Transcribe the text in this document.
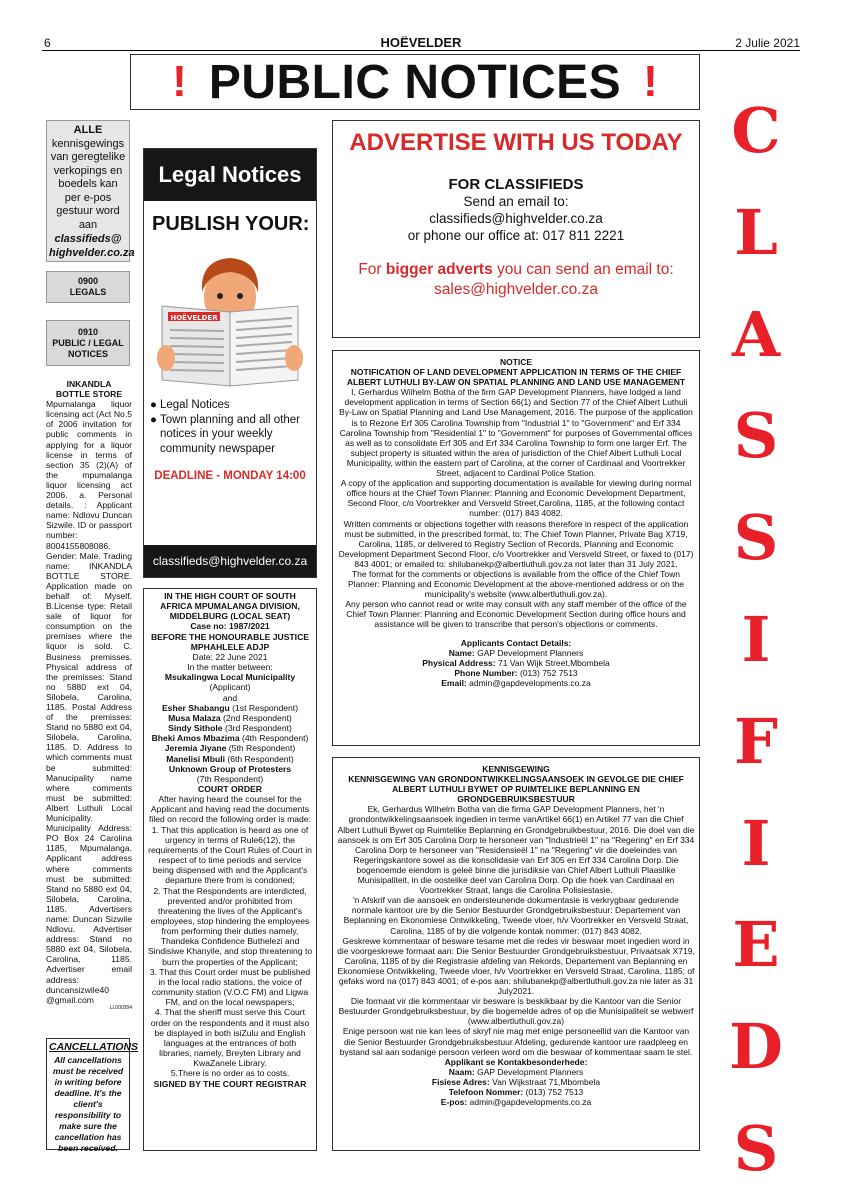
6	HOËVELDER	2 Julie 2021
! PUBLIC NOTICES !
C
L
A
S
S
I
F
I
E
D
S
ALLE
kennisgewings van geregtelike verkopings en boedels kan per e-pos gestuur word aan
classifieds@
highvelder.co.za
0900
LEGALS
0910
PUBLIC / LEGAL NOTICES
INKANDLA
BOTTLE STORE
Mpumalanga liquor licensing act (Act No.5 of 2006 invitation for public comments in applying for a liquor license in terms of section 35 (2)(A) of the mpumalanga liquor licensing act 2006. a. Personal details. : Applicant name: Ndlovu Duncan Sizwile. ID or passport number: 8004155808086. Gender: Male. Trading name: INKANDLA BOTTLE STORE. Application made on behalf of: Myself. B.License type: Retail sale of liquor for consumption on the premises where the liquor is sold. C. Business premisses. Physical address of the premisses: Stand no 5880 ext 04, Silobela, Carolina, 1185. Postal Address of the premisses: Stand no 5880 ext 04, Silobela, Carolina, 1185. D. Address to which comments must be submitted: Manucipality name where comments must be submitted: Albert Luthuli Local Municipality. Municipality Address: PO Box 24 Carolina 1185, Mpumalanga. Applicant address where comments must be submitted: Stand no 5880 ext 04, Silobela, Carolina, 1185. Advertisers name: Duncan Sizwile Ndlovu. Advertiser address: Stand no 5880 ext 04, Silobela, Carolina, 1185. Advertiser email address: duncansizwile40 @gmail.com
LL000284
CANCELLATIONS
All cancellations must be received in writing before deadline. It's the client's responsibility to make sure the cancellation has been received.
Legal Notices
PUBLISH YOUR:
HOËVELDER
● Legal Notices
● Town planning and all other notices in your weekly community newspaper
DEADLINE - MONDAY 14:00
classifieds@highvelder.co.za
IN THE HIGH COURT OF SOUTH AFRICA MPUMALANGA DIVISION, MIDDELBURG (LOCAL SEAT)
Case no: 1987/2021
BEFORE THE HONOURABLE JUSTICE MPHAHLELE ADJP
Date: 22 June 2021
In the matter between:
Msukalingwa Local Municipality
(Applicant)
and
Esher Shabangu (1st Respondent)
Musa Malaza (2nd Respondent)
Sindy Sithole (3rd Respondent)
Bheki Amos Mbazima (4th Respondent)
Jeremia Jiyane (5th Respondent)
Manelisi Mbuli (6th Respondent)
Unknown Group of Protesters
(7th Respondent)
COURT ORDER
After having heard the counsel for the Applicant and having read the documents filed on record the following order is made:
1. That this application is heard as one of urgency in terms of Rule6(12), the requirements of the Court Rules of Court in respect of to time periods and service being dispensed with and the Applicant's departure there from is condoned;
2. That the Respondents are interdicted, prevented and/or prohibited from threatening the lives of the Applicant's employees, stop hindering the employees from performing their duties namely, Thandeka Confidence Buthelezi and Sindisiwe Khanyile, and stop threatening to burn the properties of the Applicant;
3. That this Court order must be published in the local radio stations, the voice of community station (V.O.C FM) and Ligwa FM, and on the local newspapers;
4. That the sheriff must serve this Court order on the respondents and it must also be displayed in both isiZulu and English languages at the entrances of both libraries, namely, Breyten Library and KwaZanele Library.
5.There is no order as to costs.
SIGNED BY THE COURT REGISTRAR
ADVERTISE WITH US TODAY
FOR CLASSIFIEDS
Send an email to:
classifieds@highvelder.co.za
or phone our office at: 017 811 2221
For bigger adverts you can send an email to:
sales@highvelder.co.za
NOTICE
NOTIFICATION OF LAND DEVELOPMENT APPLICATION IN TERMS OF THE CHIEF ALBERT LUTHULI BY-LAW ON SPATIAL PLANNING AND LAND USE MANAGEMENT
I, Gerhardus Wilhelm Botha of the firm GAP Development Planners, have lodged a land development application in terms of Section 66(1) and Section 77 of the Chief Albert Luthuli By-Law on Spatial Planning and Land Use Management, 2016. The purpose of the application is to Rezone Erf 305 Carolina Township from "Industrial 1" to "Government" and Erf 334 Carolina Township from "Residential 1" to "Government" for purposes of Governmental offices as well as to consolidate Erf 305 and Erf 334 Carolina Township to form one larger Erf. The subject property is situated within the area of jurisdiction of the Chief Albert Luthuli Local Municipality, within the eastern part of Carolina, at the corner of Cardinaal and Voortrekker Street, adjacent to Cardinal Police Station.
A copy of the application and supporting documentation is available for viewing during normal office hours at the Chief Town Planner: Planning and Economic Development Department, Second Floor, c/o Voortrekker and Versveld Street,Carolina, 1185, at the following contact number: (017) 843 4082.
Written comments or objections together with reasons therefore in respect of the application must be submitted, in the prescribed format, to: The Chief Town Planner, Private Bag X719, Carolina, 1185, or delivered to Registry Section of Records, Planning and Economic Development Department Second Floor, c/o Voortrekker and Versveld Street, or faxed to (017) 843 4001; or emailed to: shilubanekp@albertluthuli.gov.za not later than 31 July 2021.
The format for the comments or objections is available from the office of the Chief Town Planner: Planning and Economic Development at the above-mentioned address or on the municipality's website (www.albertluthuli.gov.za).
Any person who cannot read or write may consult with any staff member of the office of the Chief Town Planner: Planning and Economic Development Section during office hours and assistance will be given to transcribe that person's objections or comments.
Applicants Contact Details:
Name: GAP Development Planners
Physical Address: 71 Van Wijk Street,Mbombela
Phone Number: (013) 752 7513
Email: admin@gapdevelopments.co.za
KENNISGEWING
KENNISGEWING VAN GRONDONTWIKKELINGSAANSOEK IN GEVOLGE DIE CHIEF ALBERT LUTHULI BYWET OP RUIMTELIKE BEPLANNING EN GRONDGEBRUIKSBESTUUR
Ek, Gerhardus Wilhelm Botha van die firma GAP Development Planners, het 'n grondontwikkelingsaansoek ingedien in terme vanArtikel 66(1) en Artikel 77 van die Chief Albert Luthuli Bywet op Ruimtelike Beplanning en Grondgebruikbestuur, 2016. Die doel van die aansoek is om Erf 305 Carolina Dorp te hersoneer van "Industrieël 1" na "Regering" en Erf 334 Carolina Dorp te hersoneer van "Residensieël 1" na "Regering" vir die doeleindes van Regeringskantore sowel as die konsolidasie van Erf 305 en Erf 334 Carolina Dorp. Die bogenoemde eiendom is geleë binne die jurisdiksie van Chief Albert Luthuli Plaaslike Munisipaliteit, in die oostelike deel van Carolina Dorp. Op die hoek van Cardinaal en Voortrekker Straat, langs die Carolina Polisiestasie.
'n Afskrif van die aansoek en ondersteunende dokumentasie is verkrygbaar gedurende normale kantoor ure by die Senior Bestuurder Grondgebruiksbestuur: Departement van Beplanning en Ekonomiese Ontwikkeling, Tweede vloer, h/v Voortrekker en Versveld Straat, Carolina, 1185 of by die volgende kontak nommer: (017) 843 4082.
Geskrewe kommentaar of besware tesame met die redes vir beswaar moet ingedien word in die voorgeskrewe formaat aan: Die Senior Bestuurder Grondgebruiksbestuur, Privaatsak X719, Carolina, 1185 of by die Registrasie afdeling van Rekords, Departement van Beplanning en Ekonomiese Ontwikkeling, Tweede vloer, h/v Voortrekker en Versveld Straat, Carolina, 1185; of gefaks word na (017) 843 4001; of e-pos aan: shilubanekp@albertluthuli.gov.za nie later as 31 July2021.
Die formaat vir die kommentaar vir besware is beskikbaar by die Kantoor van die Senior Bestuurder Grondgebruiksbestuur, by die bogemelde adres of op die Munisipaliteit se webwerf (www.albertluthuli.gov.za)
Enige persoon wat nie kan lees of skryf nie mag met enige personeellid van die Kantoor van die Senior Bestuurder Grondgebruiksbestuur Afdeling, gedurende kantoor ure raadpleeg en bystand sal aan sodanige persoon verleen word om die beswaar of kommentaar saam te stel.
Applikant se Kontakbesonderhede:
Naam: GAP Development Planners
Fisiese Adres: Van Wijkstraat 71,Mbombela
Telefoon Nommer: (013) 752 7513
E-pos: admin@gapdevelopments.co.za
